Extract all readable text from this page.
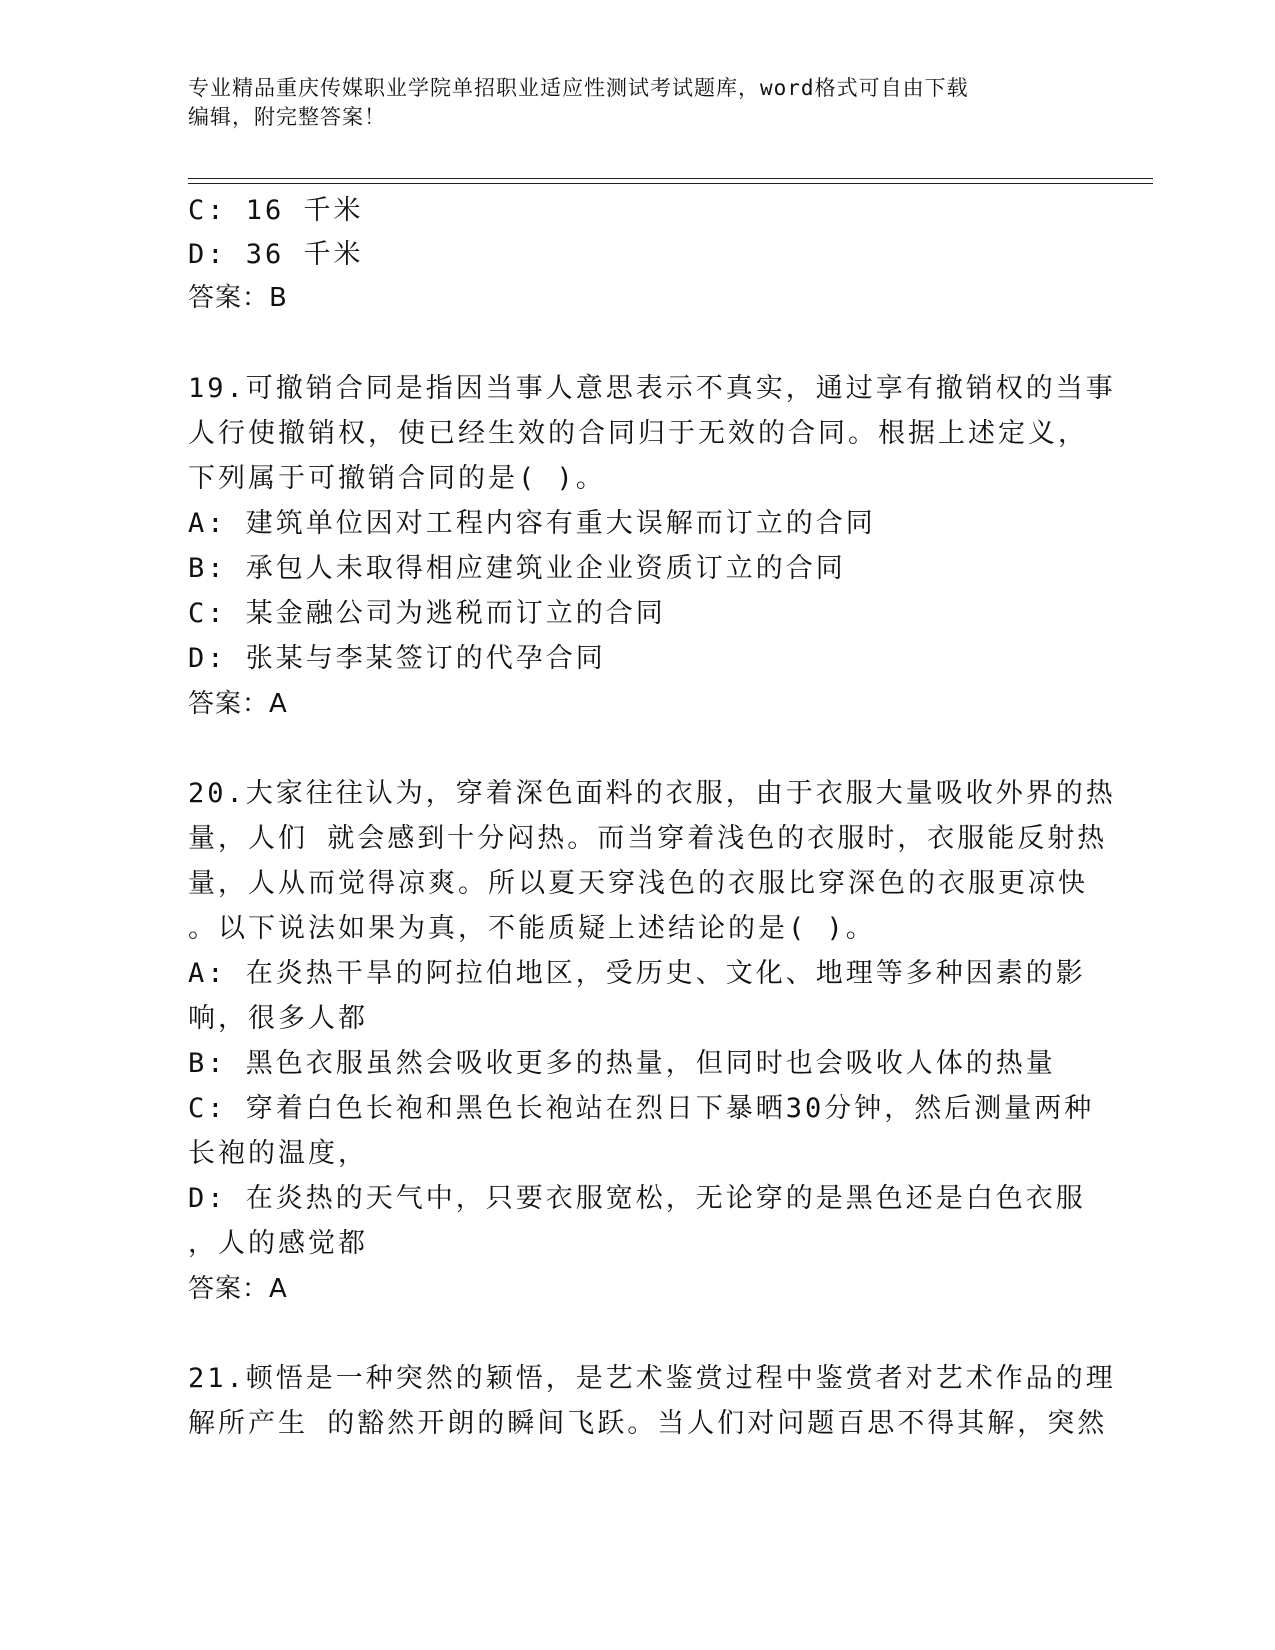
专业精品重庆传媒职业学院单招职业适应性测试考试题库，word格式可自由下载
编辑，附完整答案！
C: 16 千米
D: 36 千米
答案：B
19.可撤销合同是指因当事人意思表示不真实，通过享有撤销权的当事
人行使撤销权，使已经生效的合同归于无效的合同。根据上述定义，
下列属于可撤销合同的是( )。
A: 建筑单位因对工程内容有重大误解而订立的合同
B: 承包人未取得相应建筑业企业资质订立的合同
C: 某金融公司为逃税而订立的合同
D: 张某与李某签订的代孕合同
答案：A
20.大家往往认为，穿着深色面料的衣服，由于衣服大量吸收外界的热
量，人们 就会感到十分闷热。而当穿着浅色的衣服时，衣服能反射热
量，人从而觉得凉爽。所以夏天穿浅色的衣服比穿深色的衣服更凉快
。以下说法如果为真，不能质疑上述结论的是( )。
A: 在炎热干旱的阿拉伯地区，受历史、文化、地理等多种因素的影
响，很多人都
B: 黑色衣服虽然会吸收更多的热量，但同时也会吸收人体的热量
C: 穿着白色长袍和黑色长袍站在烈日下暴晒30分钟，然后测量两种
长袍的温度，
D: 在炎热的天气中，只要衣服宽松，无论穿的是黑色还是白色衣服
，人的感觉都
答案：A
21.顿悟是一种突然的颖悟，是艺术鉴赏过程中鉴赏者对艺术作品的理
解所产生 的豁然开朗的瞬间飞跃。当人们对问题百思不得其解，突然
